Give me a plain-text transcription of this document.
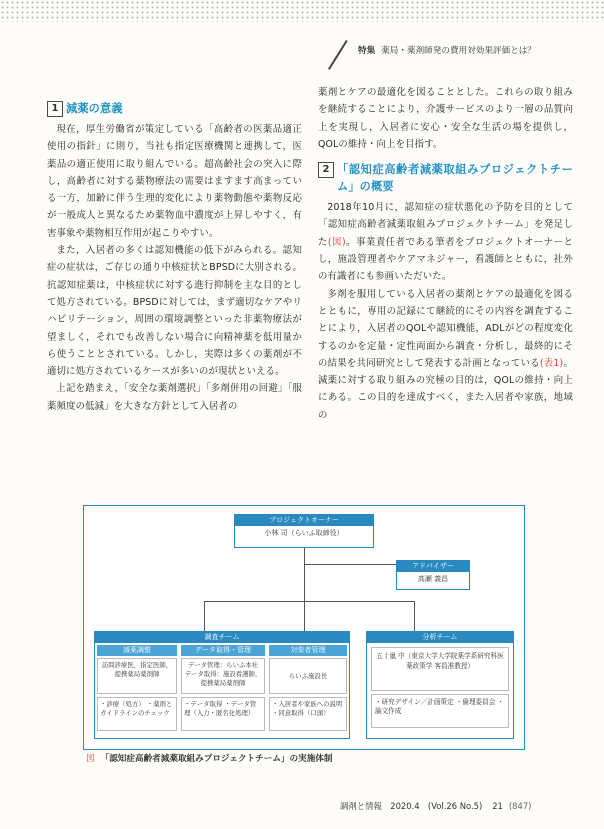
特集 薬局・薬剤師発の費用対効果評価とは？
1 減薬の意義

現在，厚生労働省が策定している「高齢者の医薬品適正使用の指針」に則り，当社も指定医療機関と連携して，医薬品の適正使用に取り組んでいる。超高齢社会の突入に際し，高齢者に対する薬物療法の需要はますます高まっている一方，加齢に伴う生理的変化により薬物動態や薬物反応が一般成人と異なるため薬物血中濃度が上昇しやすく，有害事象や薬物相互作用が起こりやすい。

また，入居者の多くは認知機能の低下がみられる。認知症の症状は，ご存じの通り中核症状とBPSDに大別される。抗認知症薬は，中核症状に対する進行抑制を主な目的として処方されている。BPSDに対しては，まず適切なケアやリハビリテーション，周囲の環境調整といった非薬物療法が望ましく，それでも改善しない場合に向精神薬を低用量から使うこととされている。しかし，実際は多くの薬剤が不適切に処方されているケースが多いのが現状といえる。

上記を踏まえ，「安全な薬剤選択」「多剤併用の回避」「服薬頻度の低減」を大きな方針として入居者の

薬剤とケアの最適化を図ることとした。これらの取り組みを継続することにより，介護サービスのより一層の品質向上を実現し，入居者に安心・安全な生活の場を提供し，QOLの維持・向上を目指す。

2 「認知症高齢者減薬取組みプロジェクトチーム」の概要

2018年10月に，認知症の症状悪化の予防を目的として「認知症高齢者減薬取組みプロジェクトチーム」を発足した(図)。事業責任者である筆者をプロジェクトオーナーとし，施設管理者やケアマネジャー，看護師とともに，社外の有識者にも参画いただいた。

多剤を服用している入居者の薬剤とケアの最適化を図るとともに，専用の記録にて継続的にその内容を調査することにより，入居者のQOLや認知機能，ADLがどの程度変化するのかを定量・定性両面から調査・分析し，最終的にその結果を共同研究として発表する計画となっている(表1)。減薬に対する取り組みの究極の目的は，QOLの維持・向上にある。この目的を達成すべく，また入居者や家族，地域の

プロジェクトオーナー
小林 司（らいふ取締役）
アドバイザー
高瀬 義昌
調査チーム
減薬調整
訪問診療医，指定医師，提携薬局薬剤師
・診療（処方） ・薬剤とガイドラインのチェック
データ取得・管理
データ管理：らいふ本社 データ取得：施設看護師，提携薬局薬剤師
・データ取得 ・データ管理（入力・匿名化処理）
対象者管理
らいふ施設長
・入居者や家族への説明 ・同意取得（口頭）
分析チーム
五十嵐 中（東京大学大学院薬学系研究科医薬政策学 客員准教授）
・研究デザイン／計画策定 ・倫理委員会 ・論文作成
図 「認知症高齢者減薬取組みプロジェクトチーム」の実施体制
調剤と情報　2020.4　(Vol.26 No.5) 21 (847)
